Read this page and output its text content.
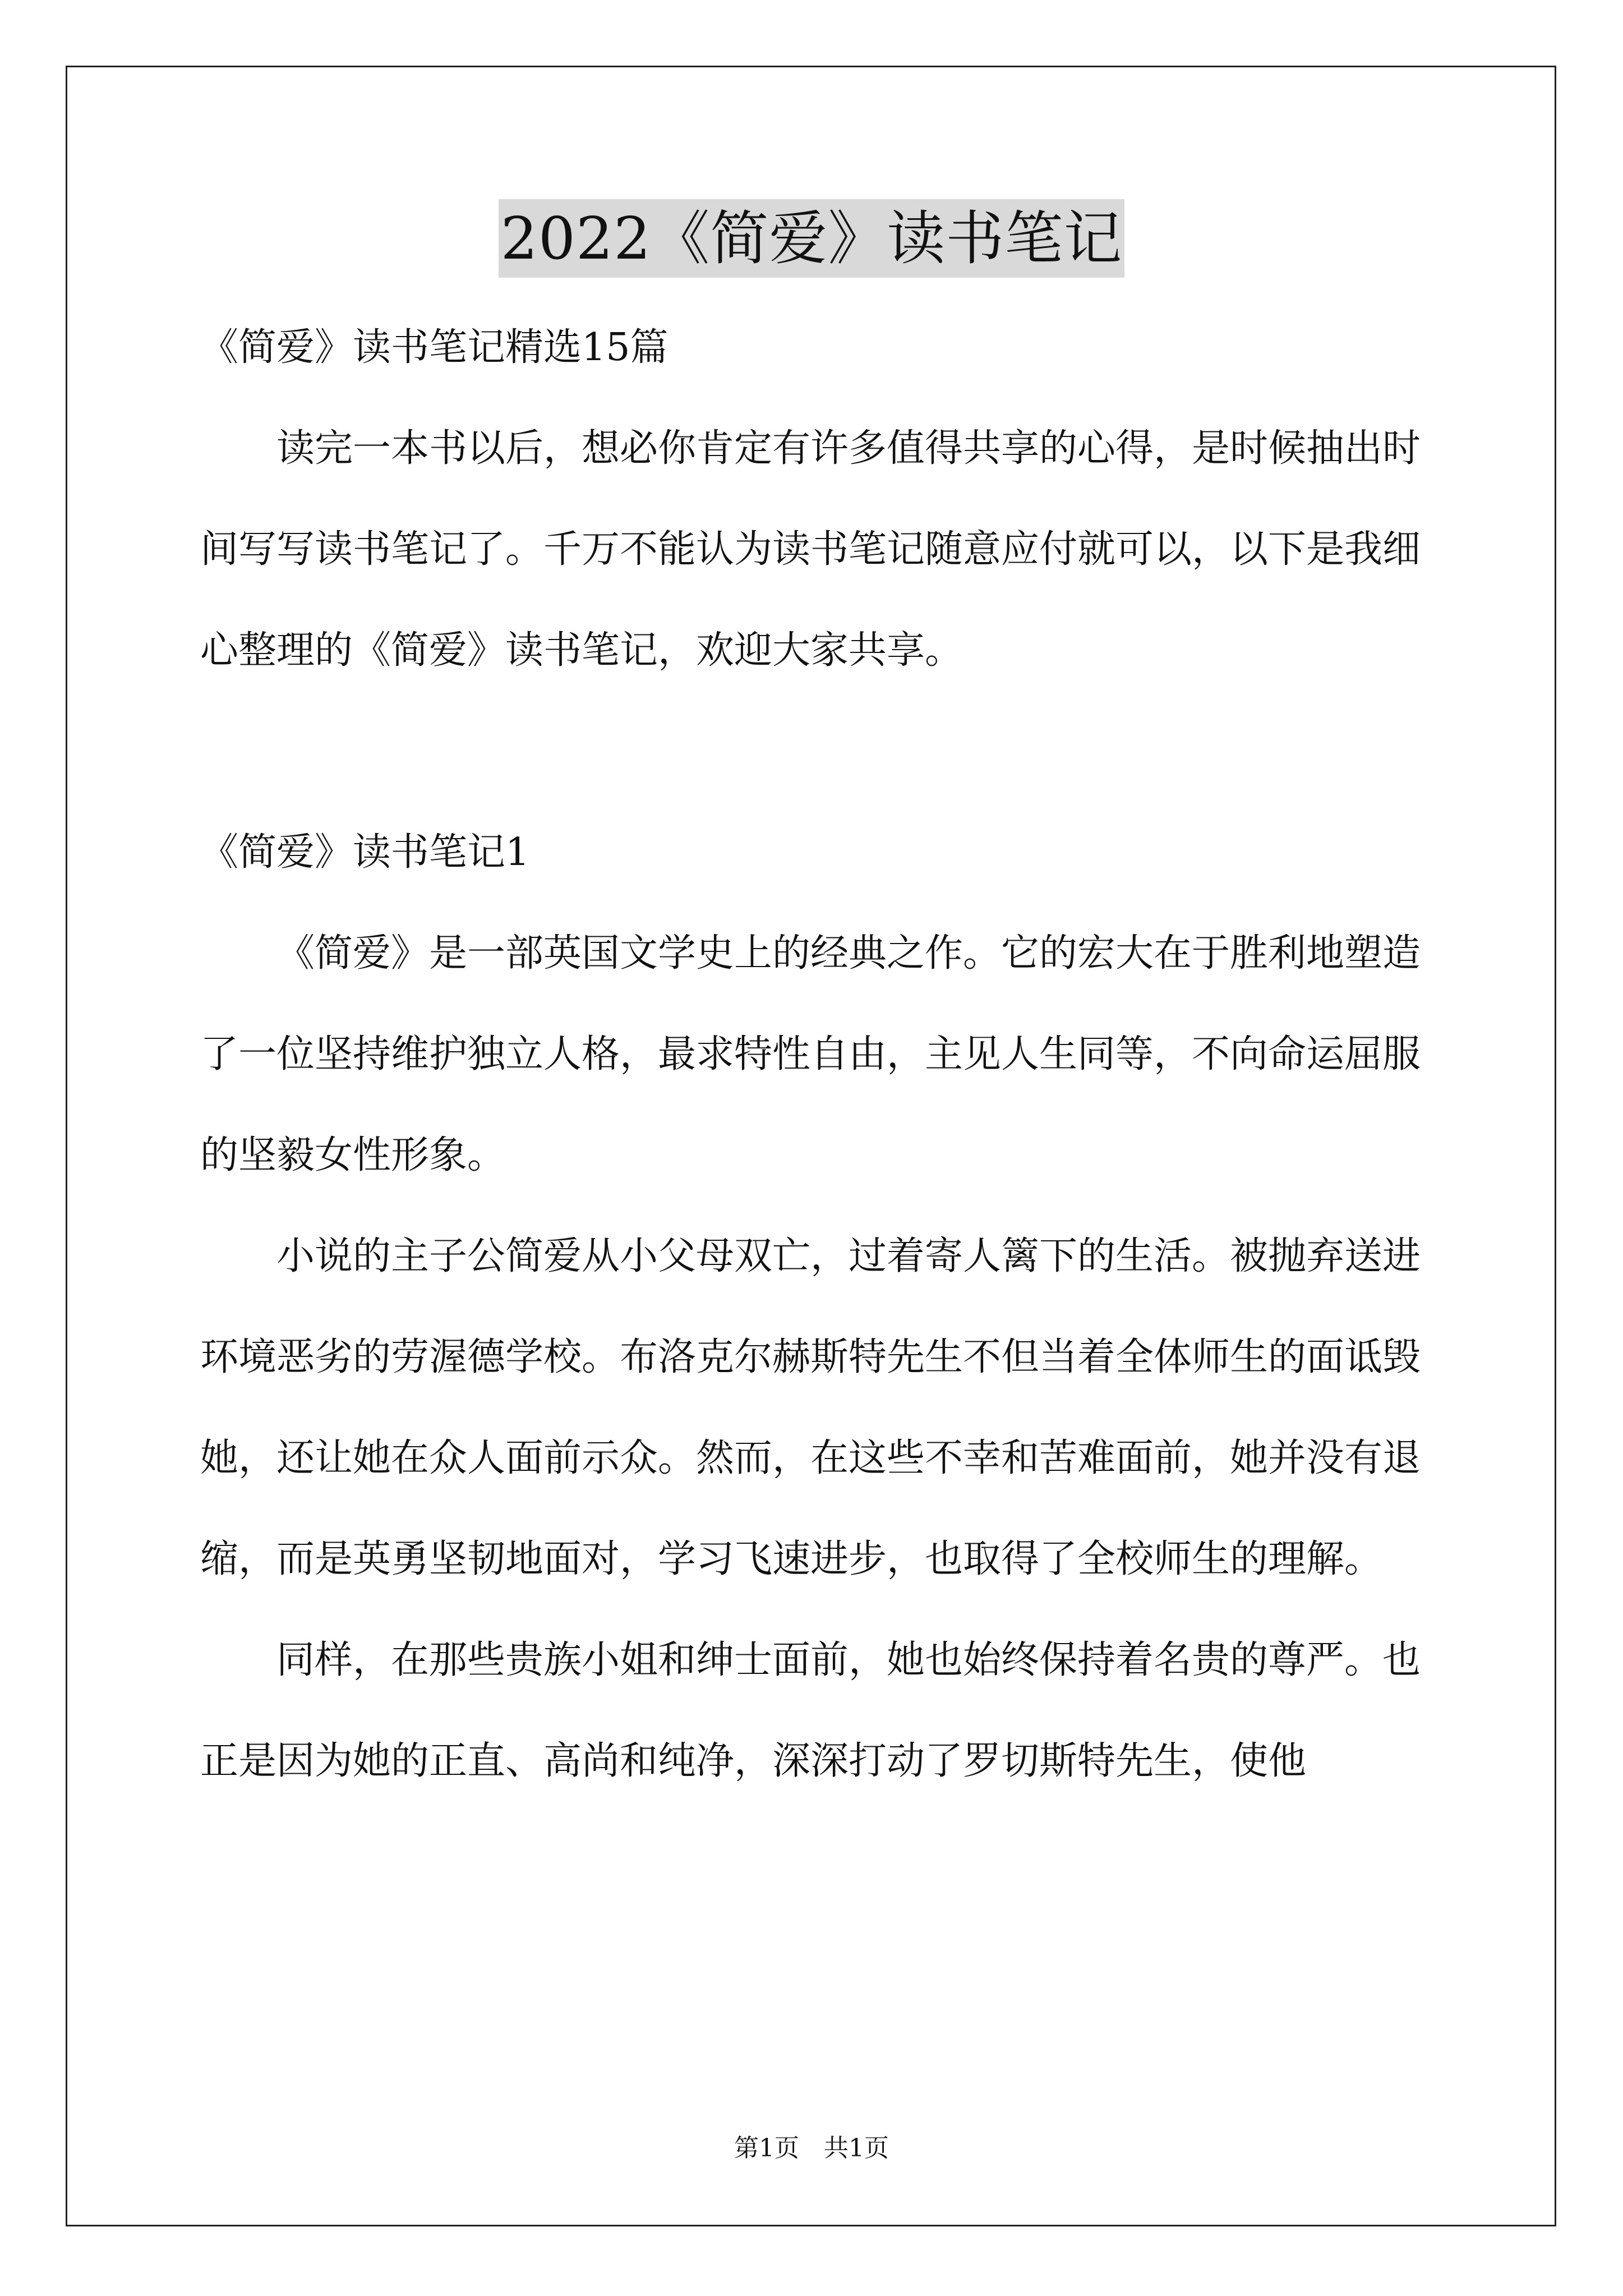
2022《简爱》读书笔记

《简爱》读书笔记精选15篇

读完一本书以后，想必你肯定有许多值得共享的心得，是时候抽出时间写写读书笔记了。千万不能认为读书笔记随意应付就可以，以下是我细心整理的《简爱》读书笔记，欢迎大家共享。

《简爱》读书笔记1

《简爱》是一部英国文学史上的经典之作。它的宏大在于胜利地塑造了一位坚持维护独立人格，最求特性自由，主见人生同等，不向命运屈服的坚毅女性形象。

小说的主子公简爱从小父母双亡，过着寄人篱下的生活。被抛弃送进环境恶劣的劳渥德学校。布洛克尔赫斯特先生不但当着全体师生的面诋毁她，还让她在众人面前示众。然而，在这些不幸和苦难面前，她并没有退缩，而是英勇坚韧地面对，学习飞速进步，也取得了全校师生的理解。

同样，在那些贵族小姐和绅士面前，她也始终保持着名贵的尊严。也正是因为她的正直、高尚和纯净，深深打动了罗切斯特先生，使他

第1页 共1页
